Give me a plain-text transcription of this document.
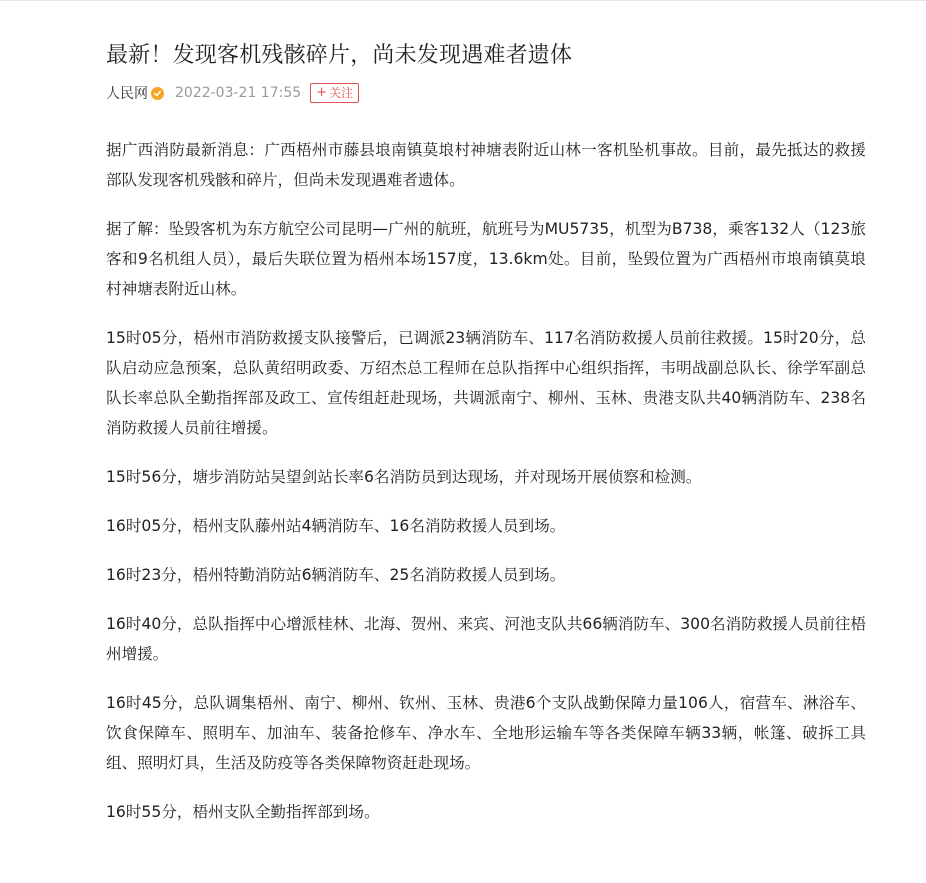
最新！发现客机残骸碎片，尚未发现遇难者遗体
人民网 2022-03-21 17:55 + 关注

据广西消防最新消息：广西梧州市藤县埌南镇莫埌村神塘表附近山林一客机坠机事故。目前，最先抵达的救援部队发现客机残骸和碎片，但尚未发现遇难者遗体。

据了解：坠毁客机为东方航空公司昆明—广州的航班，航班号为MU5735，机型为B738，乘客132人（123旅客和9名机组人员），最后失联位置为梧州本场157度，13.6km处。目前，坠毁位置为广西梧州市埌南镇莫埌村神塘表附近山林。

15时05分，梧州市消防救援支队接警后，已调派23辆消防车、117名消防救援人员前往救援。15时20分，总队启动应急预案，总队黄绍明政委、万绍杰总工程师在总队指挥中心组织指挥，韦明战副总队长、徐学军副总队长率总队全勤指挥部及政工、宣传组赶赴现场，共调派南宁、柳州、玉林、贵港支队共40辆消防车、238名消防救援人员前往增援。

15时56分，塘步消防站吴望剑站长率6名消防员到达现场，并对现场开展侦察和检测。

16时05分，梧州支队藤州站4辆消防车、16名消防救援人员到场。

16时23分，梧州特勤消防站6辆消防车、25名消防救援人员到场。

16时40分，总队指挥中心增派桂林、北海、贺州、来宾、河池支队共66辆消防车、300名消防救援人员前往梧州增援。

16时45分，总队调集梧州、南宁、柳州、钦州、玉林、贵港6个支队战勤保障力量106人，宿营车、淋浴车、饮食保障车、照明车、加油车、装备抢修车、净水车、全地形运输车等各类保障车辆33辆，帐篷、破拆工具组、照明灯具，生活及防疫等各类保障物资赶赴现场。

16时55分，梧州支队全勤指挥部到场。
